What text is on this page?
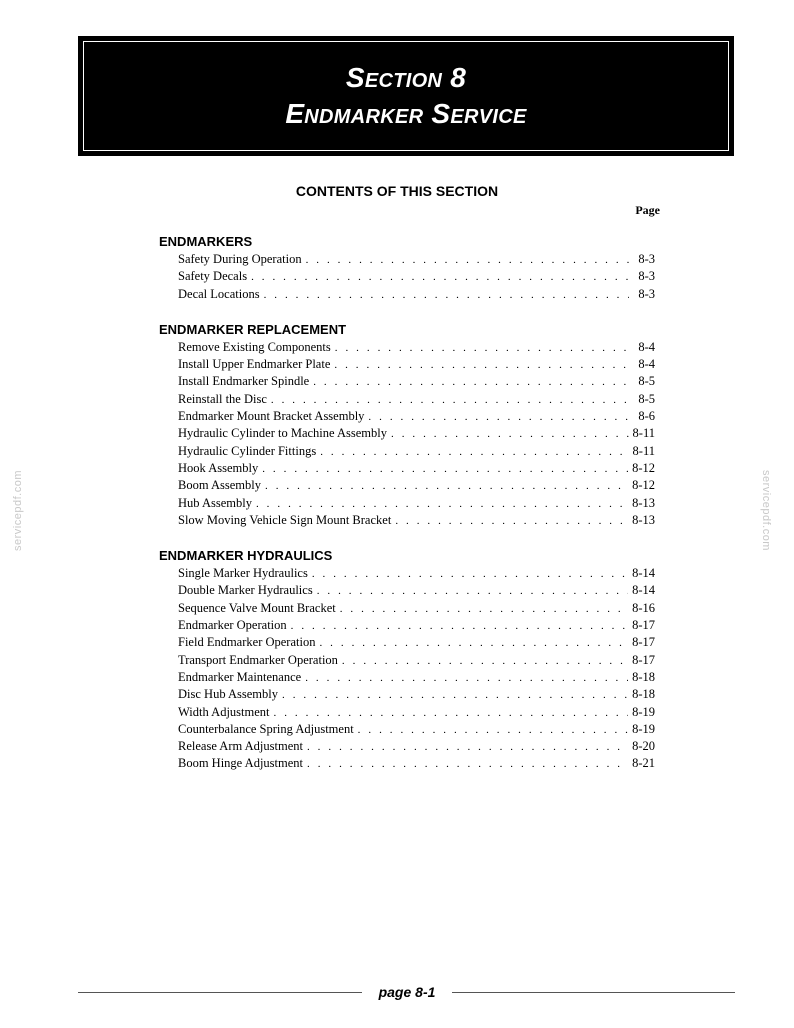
Section 8
Endmarker Service
CONTENTS OF THIS SECTION
Page
ENDMARKERS
Safety During Operation . . .	8-3
Safety Decals . . .	8-3
Decal Locations . . .	8-3
ENDMARKER REPLACEMENT
Remove Existing Components . . .	8-4
Install Upper Endmarker Plate . . .	8-4
Install Endmarker Spindle . . .	8-5
Reinstall the Disc . . .	8-5
Endmarker Mount Bracket Assembly . . .	8-6
Hydraulic Cylinder to Machine Assembly . . .	8-11
Hydraulic Cylinder Fittings . . .	8-11
Hook Assembly . . .	8-12
Boom Assembly . . .	8-12
Hub Assembly . . .	8-13
Slow Moving Vehicle Sign Mount Bracket . . .	8-13
ENDMARKER HYDRAULICS
Single Marker Hydraulics . . .	8-14
Double Marker Hydraulics . . .	8-14
Sequence Valve Mount Bracket . . .	8-16
Endmarker Operation . . .	8-17
Field Endmarker Operation . . .	8-17
Transport Endmarker Operation . . .	8-17
Endmarker Maintenance . . .	8-18
Disc Hub Assembly . . .	8-18
Width Adjustment . . .	8-19
Counterbalance Spring Adjustment . . .	8-19
Release Arm Adjustment . . .	8-20
Boom Hinge Adjustment . . .	8-21
servicepdf.com	servicepdf.com
page 8-1
